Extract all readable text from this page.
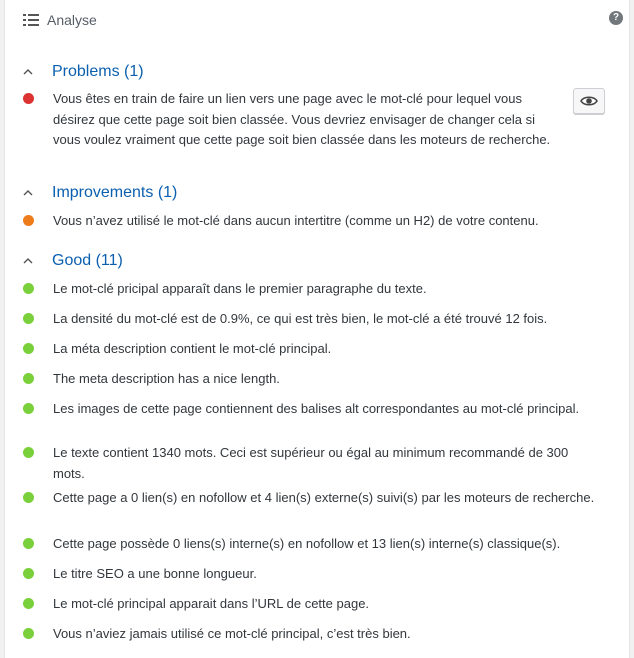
Analyse	?
Problems (1)
Vous êtes en train de faire un lien vers une page avec le mot-clé pour lequel vous désirez que cette page soit bien classée. Vous devriez envisager de changer cela si vous voulez vraiment que cette page soit bien classée dans les moteurs de recherche.
Improvements (1)
Vous n’avez utilisé le mot-clé dans aucun intertitre (comme un H2) de votre contenu.
Good (11)
Le mot-clé pricipal apparaît dans le premier paragraphe du texte.
La densité du mot-clé est de 0.9%, ce qui est très bien, le mot-clé a été trouvé 12 fois.
La méta description contient le mot-clé principal.
The meta description has a nice length.
Les images de cette page contiennent des balises alt correspondantes au mot-clé principal.
Le texte contient 1340 mots. Ceci est supérieur ou égal au minimum recommandé de 300 mots.
Cette page a 0 lien(s) en nofollow et 4 lien(s) externe(s) suivi(s) par les moteurs de recherche.
Cette page possède 0 liens(s) interne(s) en nofollow et 13 lien(s) interne(s) classique(s).
Le titre SEO a une bonne longueur.
Le mot-clé principal apparait dans l’URL de cette page.
Vous n’aviez jamais utilisé ce mot-clé principal, c’est très bien.
